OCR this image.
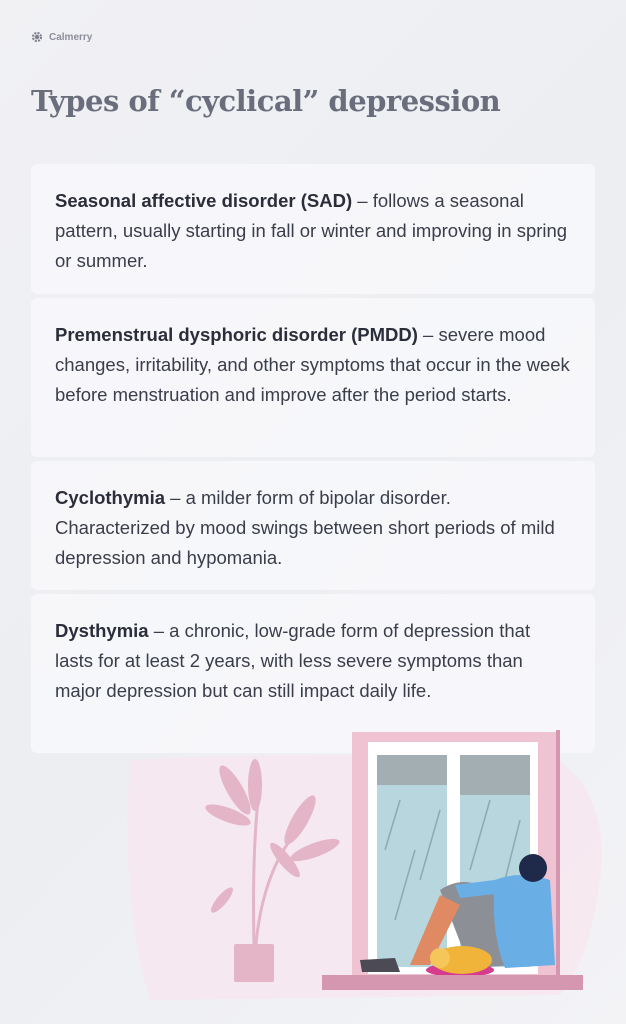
Calmerry
Types of “cyclical” depression
Seasonal affective disorder (SAD) – follows a seasonal pattern, usually starting in fall or winter and improving in spring or summer.
Premenstrual dysphoric disorder (PMDD) – severe mood changes, irritability, and other symptoms that occur in the week before menstruation and improve after the period starts.
Cyclothymia – a milder form of bipolar disorder. Characterized by mood swings between short periods of mild depression and hypomania.
Dysthymia – a chronic, low-grade form of depression that lasts for at least 2 years, with less severe symptoms than major depression but can still impact daily life.
